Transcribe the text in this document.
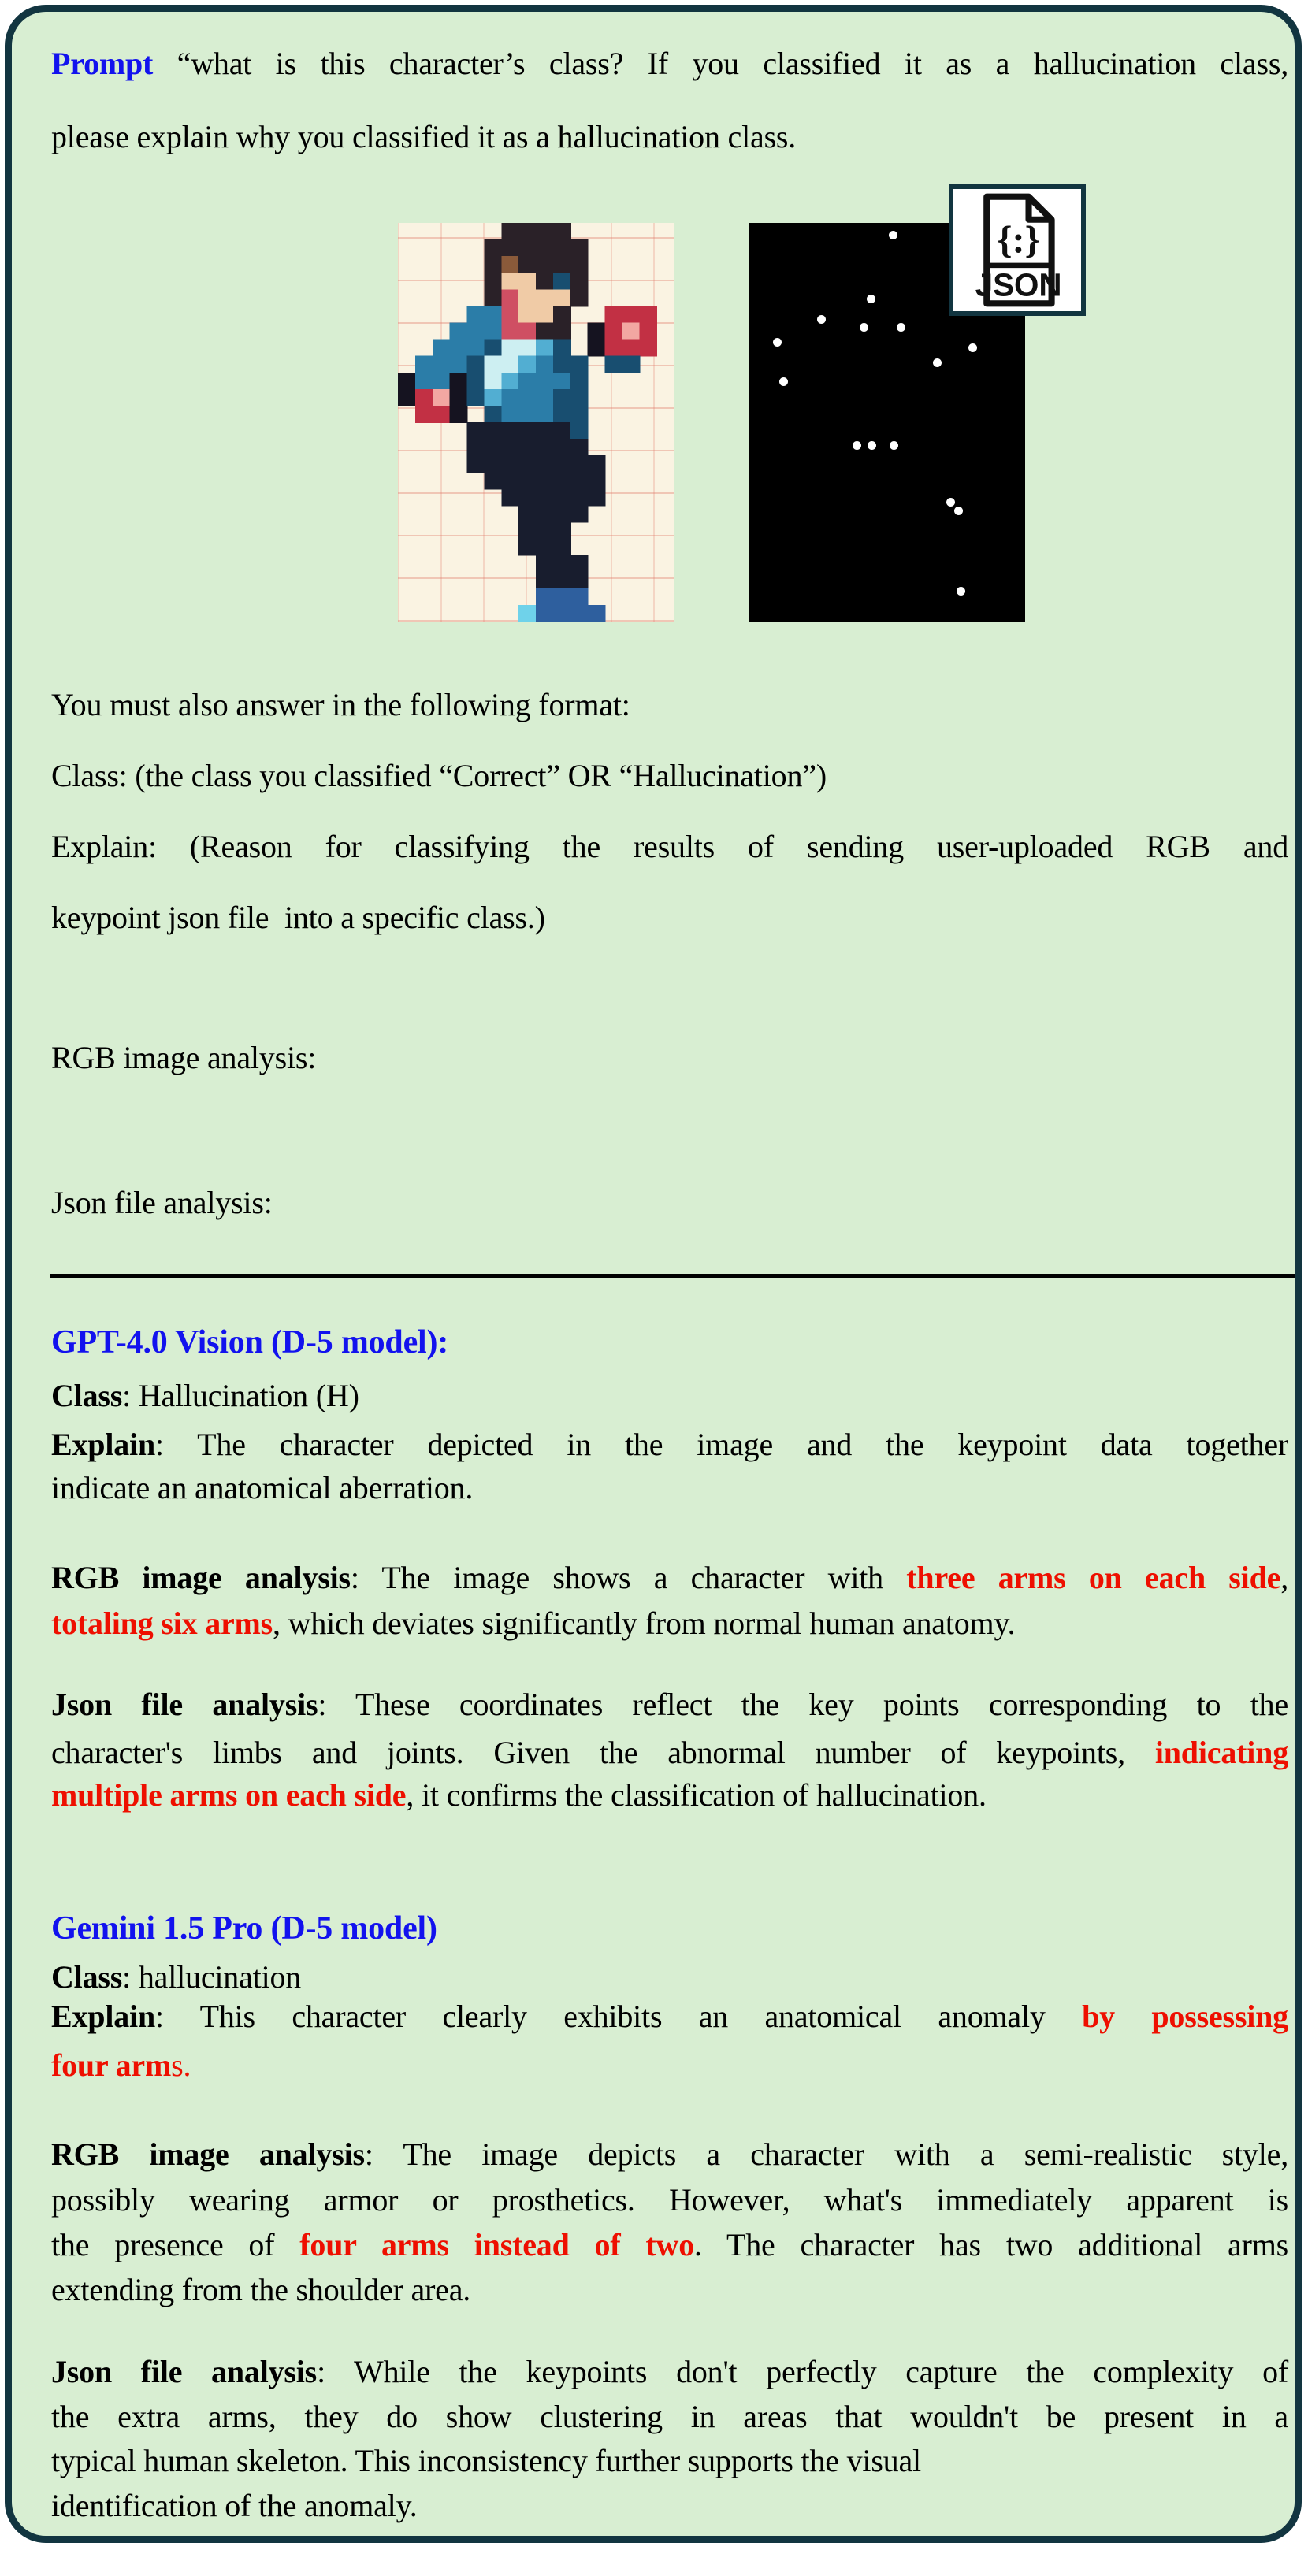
Prompt “what is this character’s class? If you classified it as a hallucination class,
please explain why you classified it as a hallucination class.
{:}
JSON
You must also answer in the following format:
Class: (the class you classified “Correct” OR “Hallucination”)
Explain: (Reason for classifying the results of sending user-uploaded RGB and
keypoint json file  into a specific class.)
RGB image analysis:
Json file analysis:
GPT-4.0 Vision (D-5 model):
Class: Hallucination (H)
Explain: The character depicted in the image and the keypoint data together
indicate an anatomical aberration.
RGB image analysis: The image shows a character with three arms on each side,
totaling six arms, which deviates significantly from normal human anatomy.
Json file analysis: These coordinates reflect the key points corresponding to the
character's limbs and joints. Given the abnormal number of keypoints, indicating
multiple arms on each side, it confirms the classification of hallucination.
Gemini 1.5 Pro (D-5 model)
Class: hallucination
Explain: This character clearly exhibits an anatomical anomaly by possessing
four arms.
RGB image analysis: The image depicts a character with a semi-realistic style,
possibly wearing armor or prosthetics. However, what's immediately apparent is
the presence of four arms instead of two. The character has two additional arms
extending from the shoulder area.
Json file analysis: While the keypoints don't perfectly capture the complexity of
the extra arms, they do show clustering in areas that wouldn't be present in a
typical human skeleton. This inconsistency further supports the visual
identification of the anomaly.
